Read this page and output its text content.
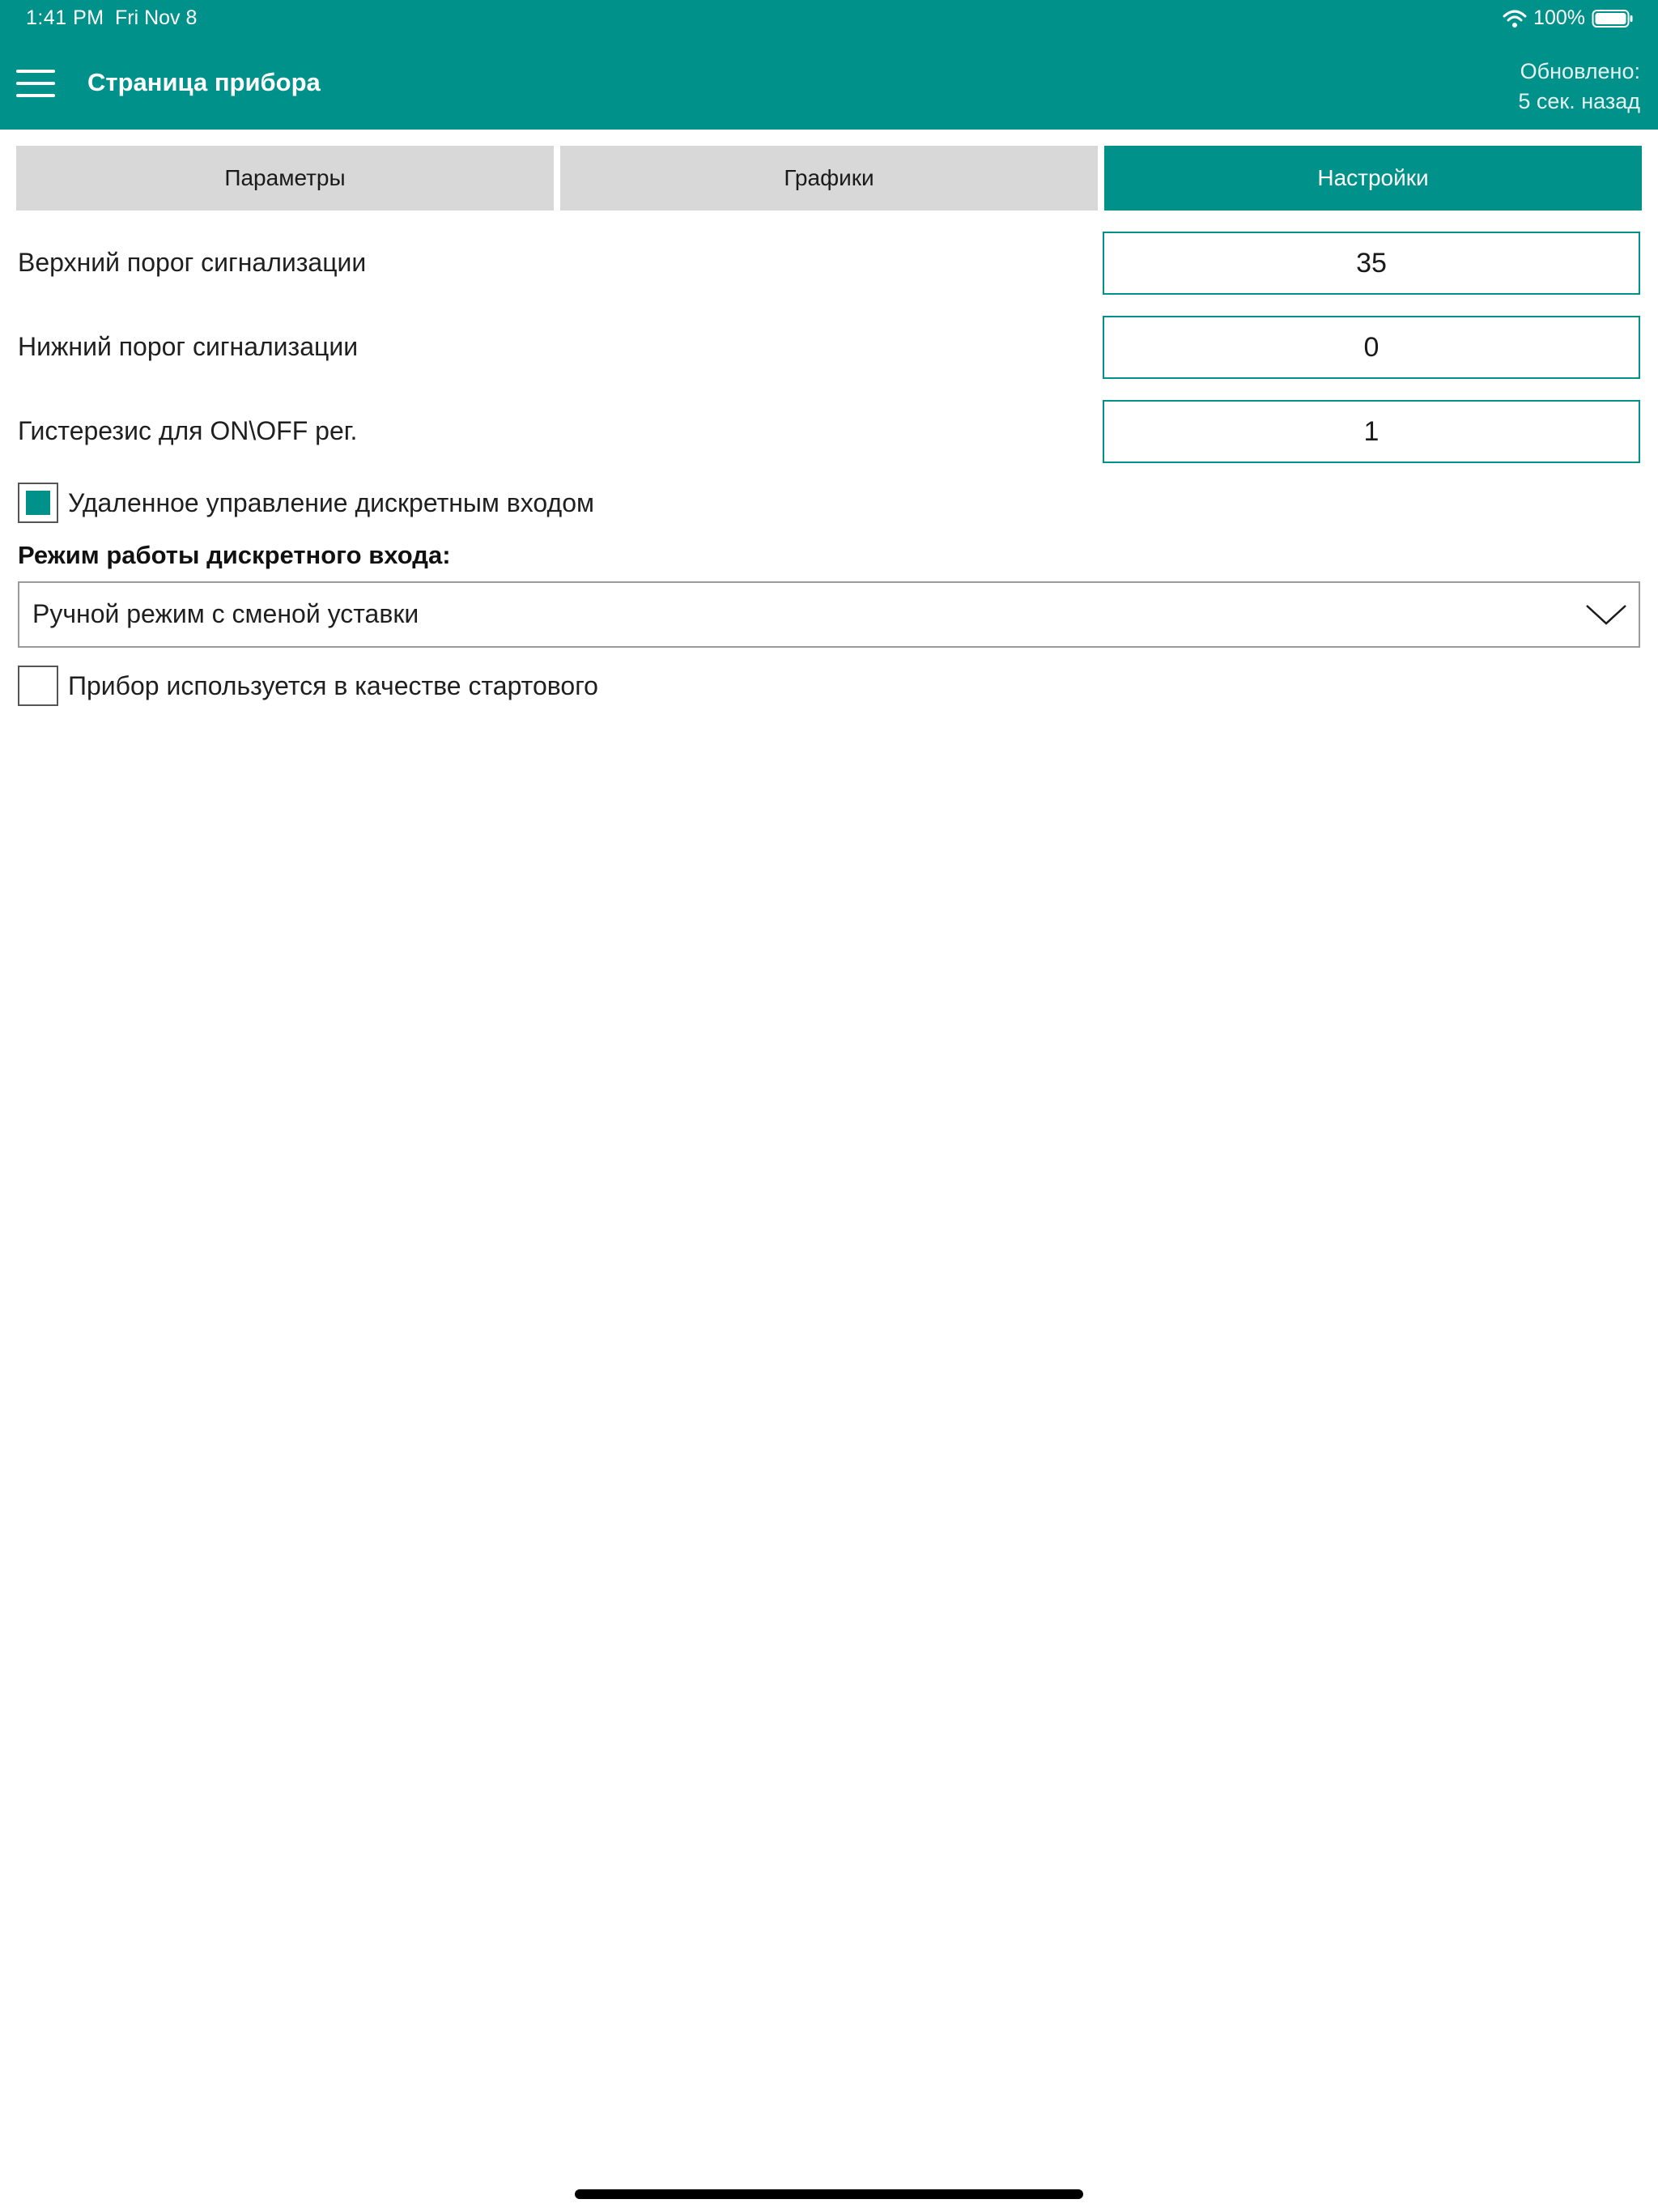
1:41 PM Fri Nov 8	100%
Страница прибора	Обновлено:
5 сек. назад
Параметры	Графики	Настройки
Верхний порог сигнализации	35
Нижний порог сигнализации	0
Гистерезис для ON\OFF рег.	1
Удаленное управление дискретным входом
Режим работы дискретного входа:
Ручной режим с сменой уставки
Прибор используется в качестве стартового
